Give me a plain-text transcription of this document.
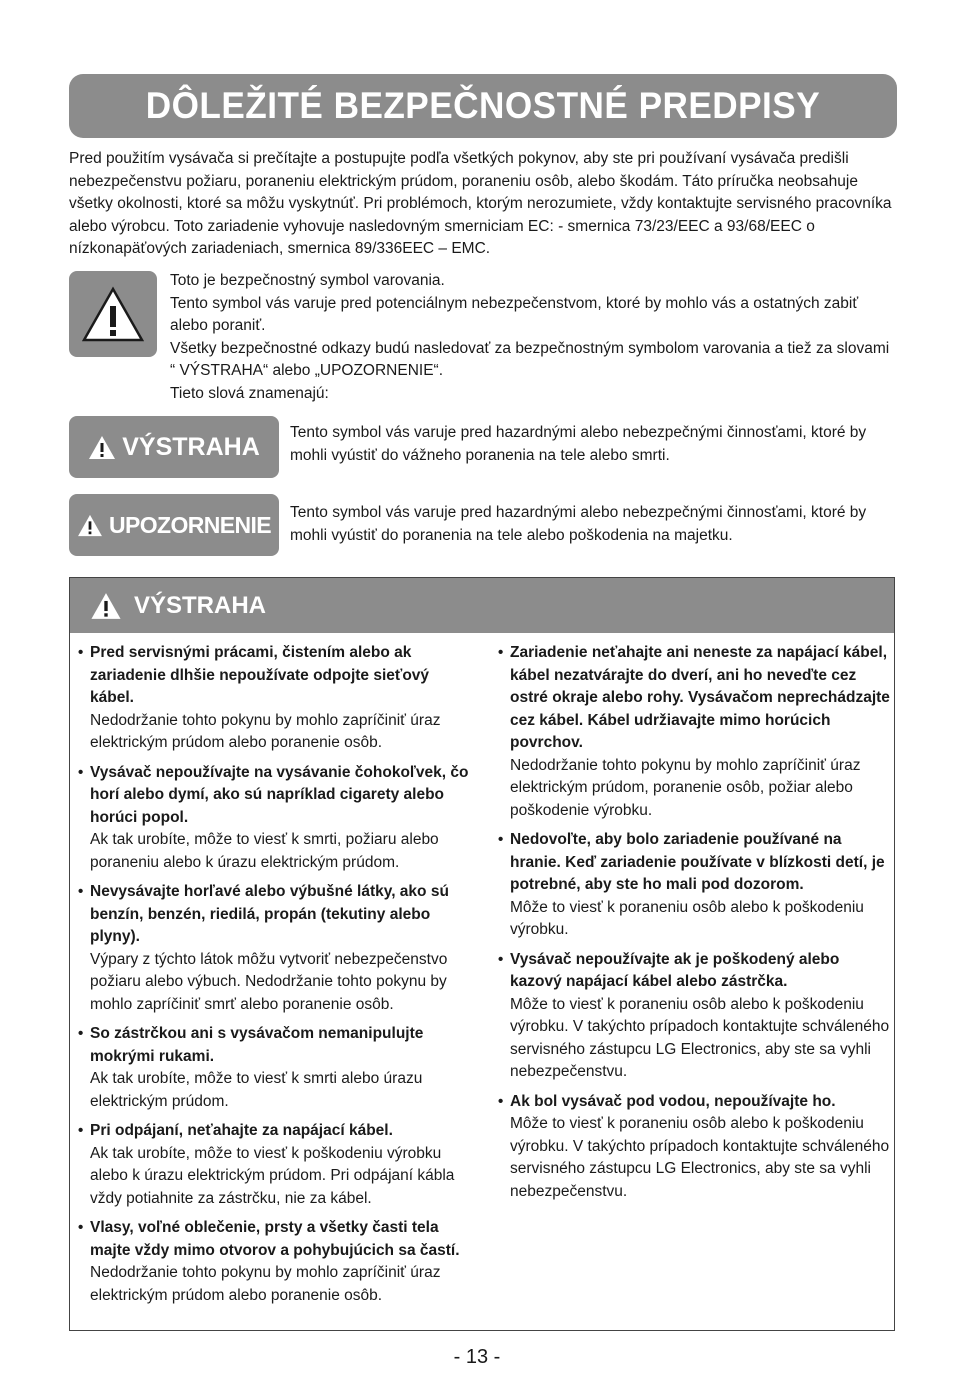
DÔLEŽITÉ BEZPEČNOSTNÉ PREDPISY

Pred použitím vysávača si prečítajte a postupujte podľa všetkých pokynov, aby ste pri používaní vysávača predišli nebezpečenstvu požiaru, poraneniu elektrickým prúdom, poraneniu osôb, alebo škodám. Táto príručka neobsahuje všetky okolnosti, ktoré sa môžu vyskytnúť. Pri problémoch, ktorým nerozumiete, vždy kontaktujte servisného pracovníka alebo výrobcu. Toto zariadenie vyhovuje nasledovným smerniciam EC: - smernica 73/23/EEC a 93/68/EEC o nízkonapäťových zariadeniach, smernica 89/336EEC – EMC.

Toto je bezpečnostný symbol varovania.
Tento symbol vás varuje pred potenciálnym nebezpečenstvom, ktoré by mohlo vás a ostatných zabiť alebo poraniť.
Všetky bezpečnostné odkazy budú nasledovať za bezpečnostným symbolom varovania a tiež za slovami “ VÝSTRAHA“ alebo „UPOZORNENIE“.
Tieto slová znamenajú:
VÝSTRAHA Tento symbol vás varuje pred hazardnými alebo nebezpečnými činnosťami, ktoré by mohli vyústiť do vážneho poranenia na tele alebo smrti.
UPOZORNENIE Tento symbol vás varuje pred hazardnými alebo nebezpečnými činnosťami, ktoré by mohli vyústiť do poranenia na tele alebo poškodenia na majetku.
VÝSTRAHA
• Pred servisnými prácami, čistením alebo ak zariadenie dlhšie nepoužívate odpojte sieťový kábel.
Nedodržanie tohto pokynu by mohlo zapríčiniť úraz elektrickým prúdom alebo poranenie osôb.
• Vysávač nepoužívajte na vysávanie čohokoľvek, čo horí alebo dymí, ako sú napríklad cigarety alebo horúci popol.
Ak tak urobíte, môže to viesť k smrti, požiaru alebo poraneniu alebo k úrazu elektrickým prúdom.
• Nevysávajte horľavé alebo výbušné látky, ako sú benzín, benzén, riedilá, propán (tekutiny alebo plyny).
Výpary z týchto látok môžu vytvoriť nebezpečenstvo požiaru alebo výbuch. Nedodržanie tohto pokynu by mohlo zapríčiniť smrť alebo poranenie osôb.
• So zástrčkou ani s vysávačom nemanipulujte mokrými rukami.
Ak tak urobíte, môže to viesť k smrti alebo úrazu elektrickým prúdom.
• Pri odpájaní, neťahajte za napájací kábel.
Ak tak urobíte, môže to viesť k poškodeniu výrobku alebo k úrazu elektrickým prúdom. Pri odpájaní kábla vždy potiahnite za zástrčku, nie za kábel.
• Vlasy, voľné oblečenie, prsty a všetky časti tela majte vždy mimo otvorov a pohybujúcich sa častí.
Nedodržanie tohto pokynu by mohlo zapríčiniť úraz elektrickým prúdom alebo poranenie osôb.
• Zariadenie neťahajte ani neneste za napájací kábel, kábel nezatvárajte do dverí, ani ho neveďte cez ostré okraje alebo rohy. Vysávačom neprechádzajte cez kábel. Kábel udržiavajte mimo horúcich povrchov.
Nedodržanie tohto pokynu by mohlo zapríčiniť úraz elektrickým prúdom, poranenie osôb, požiar alebo poškodenie výrobku.
• Nedovoľte, aby bolo zariadenie používané na hranie. Keď zariadenie používate v blízkosti detí, je potrebné, aby ste ho mali pod dozorom.
Môže to viesť k poraneniu osôb alebo k poškodeniu výrobku.
• Vysávač nepoužívajte ak je poškodený alebo kazový napájací kábel alebo zástrčka.
Môže to viesť k poraneniu osôb alebo k poškodeniu výrobku. V takýchto prípadoch kontaktujte schváleného servisného zástupcu LG Electronics, aby ste sa vyhli nebezpečenstvu.
• Ak bol vysávač pod vodou, nepoužívajte ho.
Môže to viesť k poraneniu osôb alebo k poškodeniu výrobku. V takýchto prípadoch kontaktujte schváleného servisného zástupcu LG Electronics, aby ste sa vyhli nebezpečenstvu.
- 13 -
